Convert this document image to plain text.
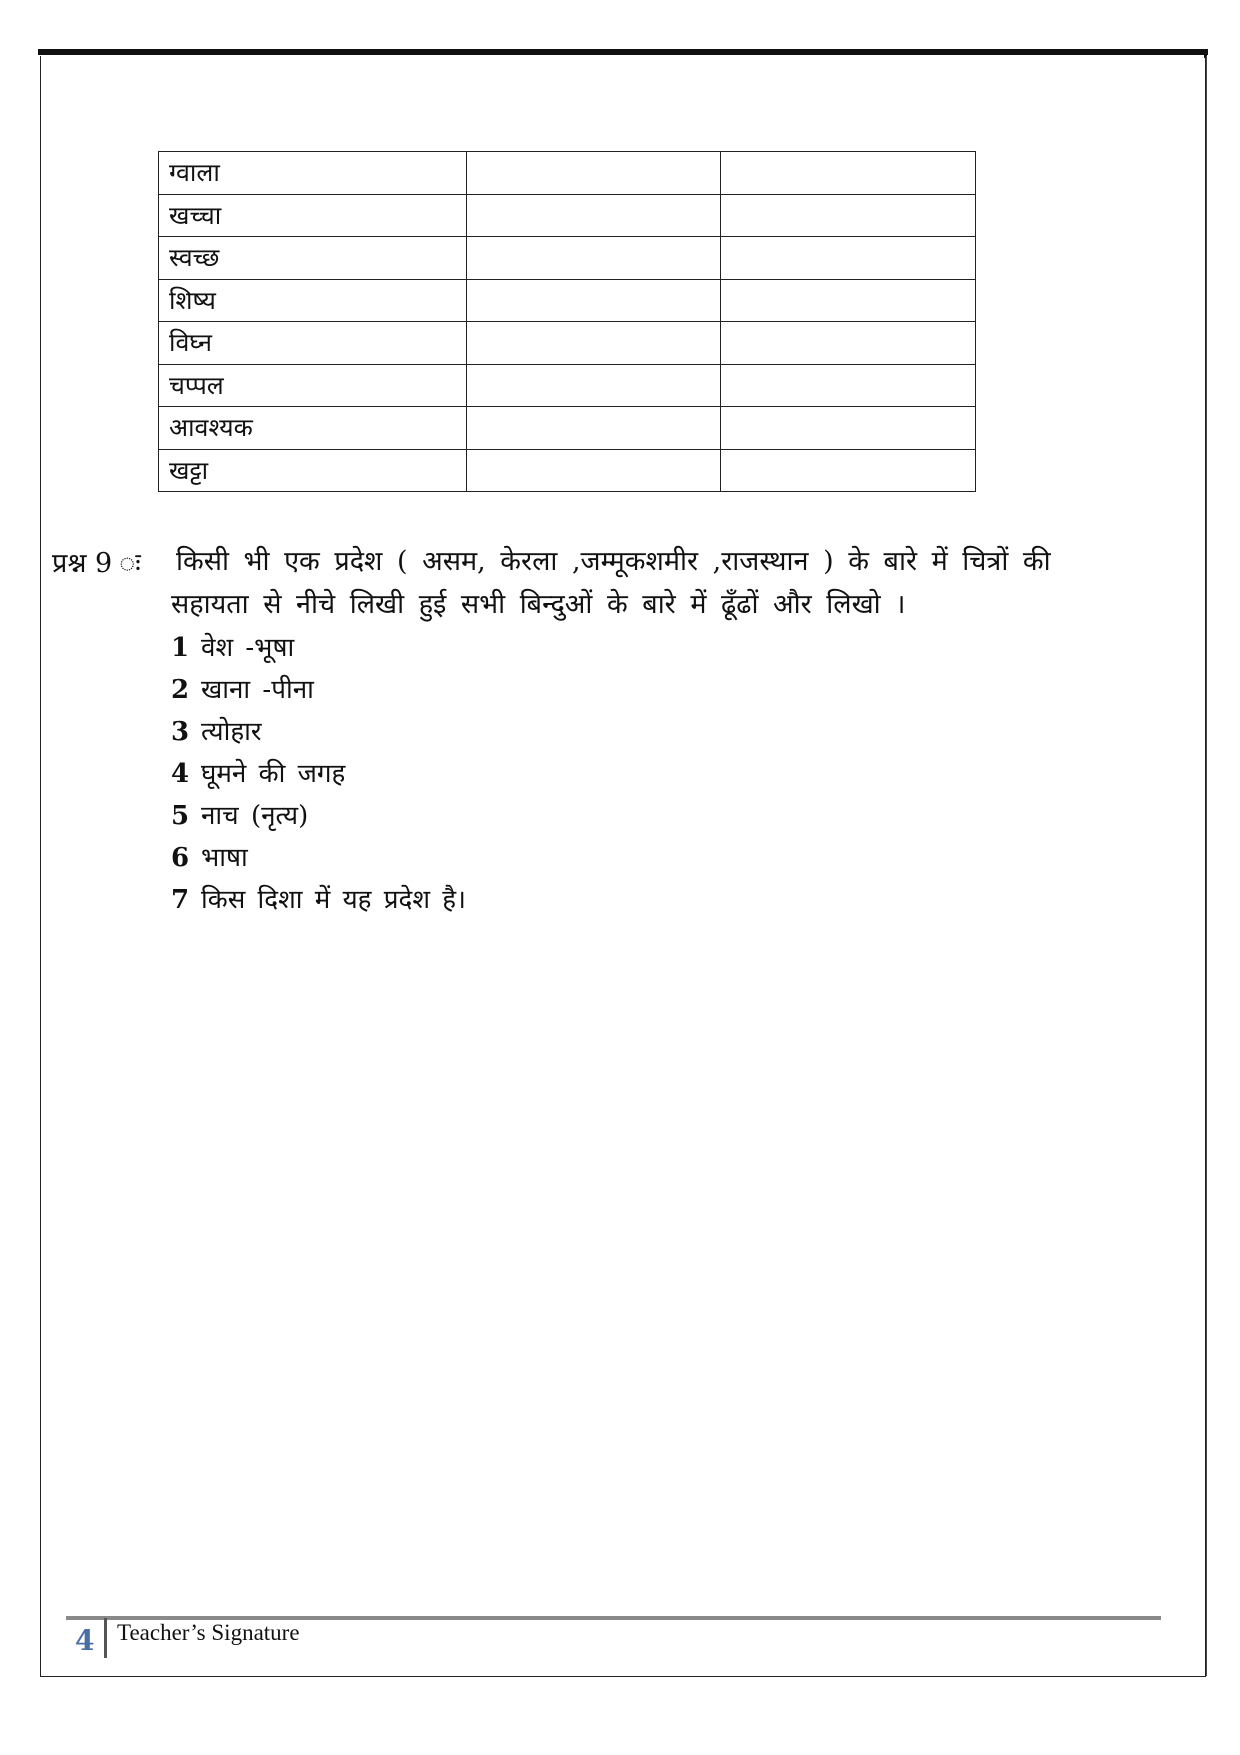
ग्वाला		
खच्चा		
स्वच्छ		
शिष्य		
विघ्न		
चप्पल		
आवश्यक		
खट्टा		
प्रश्न 9 ः किसी भी एक प्रदेश ( असम, केरला ,जम्मूकशमीर ,राजस्थान ) के बारे में चित्रों की
सहायता से नीचे लिखी हुई सभी बिन्दुओं के बारे में ढूँढों और लिखो ।
1 वेश -भूषा
2 खाना -पीना
3 त्योहार
4 घूमने की जगह
5 नाच (नृत्य)
6 भाषा
7 किस दिशा में यह प्रदेश है।
4 Teacher’s Signature
